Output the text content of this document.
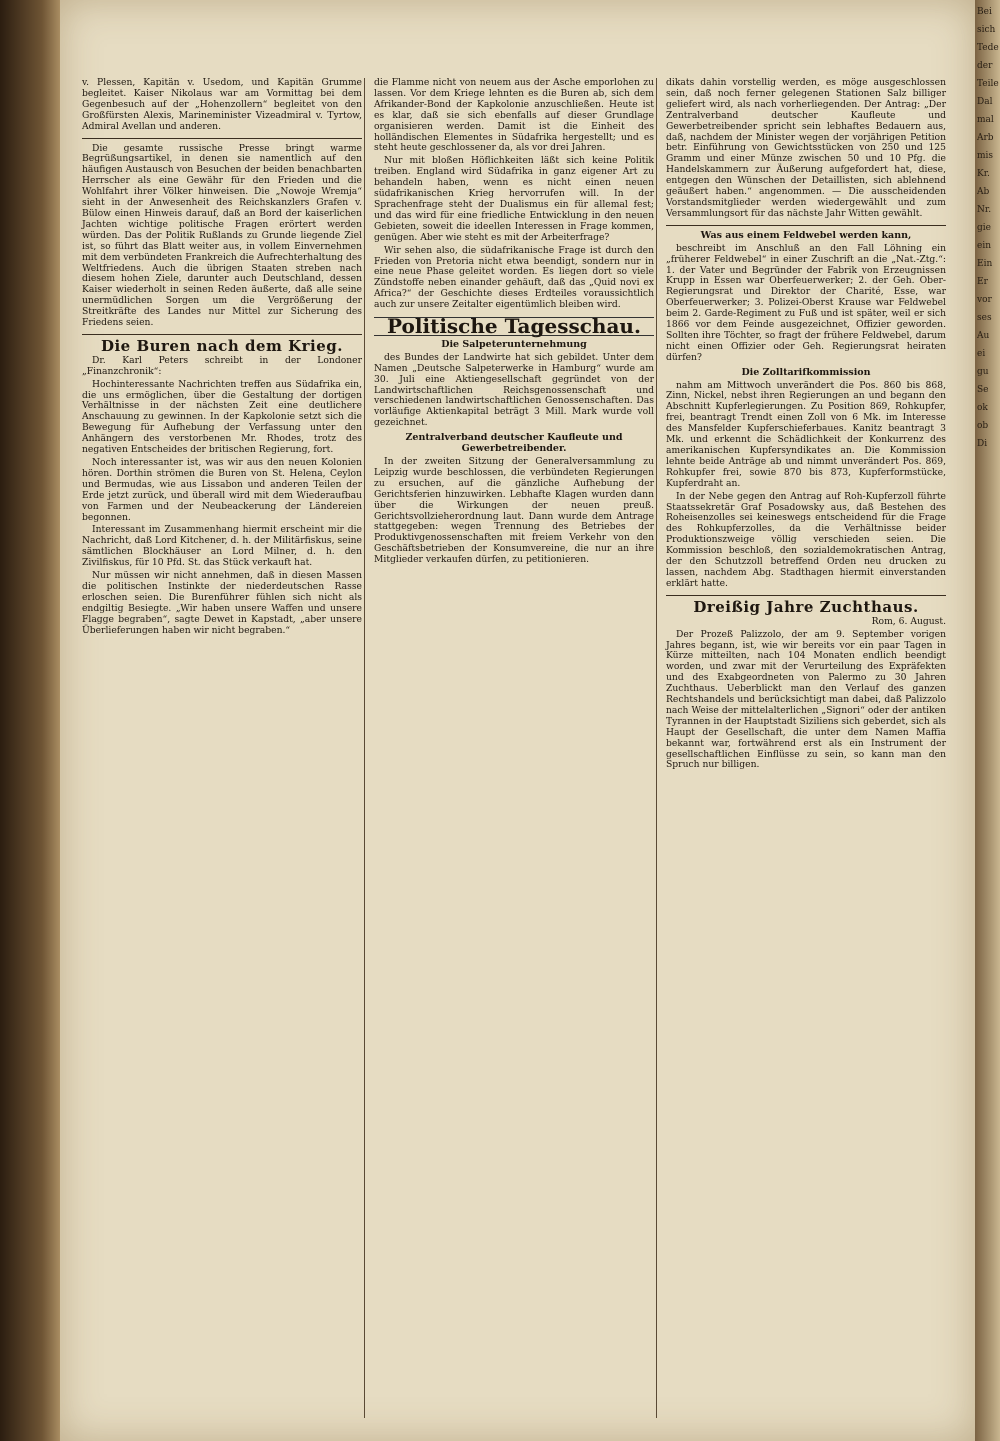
v. Plessen, Kapitän v. Usedom, und Kapitän Grumme begleitet. Kaiser Nikolaus war am Vormittag bei dem Gegenbesuch auf der „Hohenzollern“ begleitet von den Großfürsten Alexis, Marineminister Vizeadmiral v. Tyrtow, Admiral Avellan und anderen.

Die gesamte russische Presse bringt warme Begrüßungsartikel, in denen sie namentlich auf den häufigen Austausch von Besuchen der beiden benachbarten Herrscher als eine Gewähr für den Frieden und die Wohlfahrt ihrer Völker hinweisen. Die „Nowoje Wremja“ sieht in der Anwesenheit des Reichskanzlers Grafen v. Bülow einen Hinweis darauf, daß an Bord der kaiserlichen Jachten wichtige politische Fragen erörtert werden würden. Das der Politik Rußlands zu Grunde liegende Ziel ist, so führt das Blatt weiter aus, in vollem Einvernehmen mit dem verbündeten Frankreich die Aufrechterhaltung des Weltfriedens. Auch die übrigen Staaten streben nach diesem hohen Ziele, darunter auch Deutschland, dessen Kaiser wiederholt in seinen Reden äußerte, daß alle seine unermüdlichen Sorgen um die Vergrößerung der Streitkräfte des Landes nur Mittel zur Sicherung des Friedens seien.

Die Buren nach dem Krieg.

Dr. Karl Peters schreibt in der Londoner „Finanzchronik“:

Hochinteressante Nachrichten treffen aus Südafrika ein, die uns ermöglichen, über die Gestaltung der dortigen Verhältnisse in der nächsten Zeit eine deutlichere Anschauung zu gewinnen. In der Kapkolonie setzt sich die Bewegung für Aufhebung der Verfassung unter den Anhängern des verstorbenen Mr. Rhodes, trotz des negativen Entscheides der britischen Regierung, fort.

Noch interessanter ist, was wir aus den neuen Kolonien hören. Dorthin strömen die Buren von St. Helena, Ceylon und Bermudas, wie aus Lissabon und anderen Teilen der Erde jetzt zurück, und überall wird mit dem Wiederaufbau von Farmen und der Neubeackerung der Ländereien begonnen.

Interessant im Zusammenhang hiermit erscheint mir die Nachricht, daß Lord Kitchener, d. h. der Militärfiskus, seine sämtlichen Blockhäuser an Lord Milner, d. h. den Zivilfiskus, für 10 Pfd. St. das Stück verkauft hat.

Nur müssen wir nicht annehmen, daß in diesen Massen die politischen Instinkte der niederdeutschen Rasse erloschen seien. Die Burenführer fühlen sich nicht als endgiltig Besiegte. „Wir haben unsere Waffen und unsere Flagge begraben“, sagte Dewet in Kapstadt, „aber unsere Überlieferungen haben wir nicht begraben.“

die Flamme nicht von neuem aus der Asche emporlohen zu lassen. Vor dem Kriege lehnten es die Buren ab, sich dem Afrikander-Bond der Kapkolonie anzuschließen. Heute ist es klar, daß sie sich ebenfalls auf dieser Grundlage organisieren werden. Damit ist die Einheit des holländischen Elementes in Südafrika hergestellt; und es steht heute geschlossener da, als vor drei Jahren.

Nur mit bloßen Höflichkeiten läßt sich keine Politik treiben. England wird Südafrika in ganz eigener Art zu behandeln haben, wenn es nicht einen neuen südafrikanischen Krieg hervorrufen will. In der Sprachenfrage steht der Dualismus ein für allemal fest; und das wird für eine friedliche Entwicklung in den neuen Gebieten, soweit die ideellen Interessen in Frage kommen, genügen. Aber wie steht es mit der Arbeiterfrage?

Wir sehen also, die südafrikanische Frage ist durch den Frieden von Pretoria nicht etwa beendigt, sondern nur in eine neue Phase geleitet worden. Es liegen dort so viele Zündstoffe neben einander gehäuft, daß das „Quid novi ex Africa?“ der Geschichte dieses Erdteiles voraussichtlich auch zur unsere Zeitalter eigentümlich bleiben wird.

Politische Tagesschau.
Die Salpeterunternehmung

des Bundes der Landwirte hat sich gebildet. Unter dem Namen „Deutsche Salpeterwerke in Hamburg“ wurde am 30. Juli eine Aktiengesellschaft gegründet von der Landwirtschaftlichen Reichsgenossenschaft und verschiedenen landwirtschaftlichen Genossenschaften. Das vorläufige Aktienkapital beträgt 3 Mill. Mark wurde voll gezeichnet.

Zentralverband deutscher Kaufleute und Gewerbetreibender.

In der zweiten Sitzung der Generalversammlung zu Leipzig wurde beschlossen, die verbündeten Regierungen zu ersuchen, auf die gänzliche Aufhebung der Gerichtsferien hinzuwirken. Lebhafte Klagen wurden dann über die Wirkungen der neuen preuß. Gerichtsvollzieherordnung laut. Dann wurde dem Antrage stattgegeben: wegen Trennung des Betriebes der Produktivgenossenschaften mit freiem Verkehr von den Geschäftsbetrieben der Konsumvereine, die nur an ihre Mitglieder verkaufen dürfen, zu petitionieren.

dikats dahin vorstellig werden, es möge ausgeschlossen sein, daß noch ferner gelegenen Stationen Salz billiger geliefert wird, als nach vorherliegenden. Der Antrag: „Der Zentralverband deutscher Kaufleute und Gewerbetreibender spricht sein lebhaftes Bedauern aus, daß, nachdem der Minister wegen der vorjährigen Petition betr. Einführung von Gewichtsstücken von 250 und 125 Gramm und einer Münze zwischen 50 und 10 Pfg. die Handelskammern zur Äußerung aufgefordert hat, diese, entgegen den Wünschen der Detaillisten, sich ablehnend geäußert haben.“ angenommen. — Die ausscheidenden Vorstandsmitglieder werden wiedergewählt und zum Versammlungsort für das nächste Jahr Witten gewählt.

Was aus einem Feldwebel werden kann,

beschreibt im Anschluß an den Fall Löhning ein „früherer Feldwebel“ in einer Zuschrift an die „Nat.-Ztg.“: 1. der Vater und Begründer der Fabrik von Erzeugnissen Krupp in Essen war Oberfeuerwerker; 2. der Geh. Ober-Regierungsrat und Direktor der Charité, Esse, war Oberfeuerwerker; 3. Polizei-Oberst Krause war Feldwebel beim 2. Garde-Regiment zu Fuß und ist später, weil er sich 1866 vor dem Feinde ausgezeichnet, Offizier geworden. Sollten ihre Töchter, so fragt der frühere Feldwebel, darum nicht einen Offizier oder Geh. Regierungsrat heiraten dürfen?

Die Zolltarifkommission

nahm am Mittwoch unverändert die Pos. 860 bis 868, Zinn, Nickel, nebst ihren Regierungen an und begann den Abschnitt Kupferlegierungen. Zu Position 869, Rohkupfer, frei, beantragt Trendt einen Zoll von 6 Mk. im Interesse des Mansfelder Kupferschieferbaues. Kanitz beantragt 3 Mk. und erkennt die Schädlichkeit der Konkurrenz des amerikanischen Kupfersyndikates an. Die Kommission lehnte beide Anträge ab und nimmt unverändert Pos. 869, Rohkupfer frei, sowie 870 bis 873, Kupferformstücke, Kupferdraht an.

In der Nebe gegen den Antrag auf Roh-Kupferzoll führte Staatssekretär Graf Posadowsky aus, daß Bestehen des Roheisenzolles sei keineswegs entscheidend für die Frage des Rohkupferzolles, da die Verhältnisse beider Produktionszweige völlig verschieden seien. Die Kommission beschloß, den sozialdemokratischen Antrag, der den Schutzzoll betreffend Orden neu drucken zu lassen, nachdem Abg. Stadthagen hiermit einverstanden erklärt hatte.

Dreißig Jahre Zuchthaus.

Rom, 6. August.

Der Prozeß Palizzolo, der am 9. September vorigen Jahres begann, ist, wie wir bereits vor ein paar Tagen in Kürze mitteilten, nach 104 Monaten endlich beendigt worden, und zwar mit der Verurteilung des Expräfekten und des Exabgeordneten von Palermo zu 30 Jahren Zuchthaus. Ueberblickt man den Verlauf des ganzen Rechtshandels und berücksichtigt man dabei, daß Palizzolo nach Weise der mittelalterlichen „Signori“ oder der antiken Tyrannen in der Hauptstadt Siziliens sich geberdet, sich als Haupt der Gesellschaft, die unter dem Namen Maffia bekannt war, fortwährend erst als ein Instrument der gesellschaftlichen Einflüsse zu sein, so kann man den Spruch nur billigen.

Bei
sich
Tede
der
Teile
Dal
mal
Arb
mis
Kr.
Ab
Nr.
gie
ein
Ein
Er
vor
ses
Au
ei
gu
Se
ok
ob
Di
